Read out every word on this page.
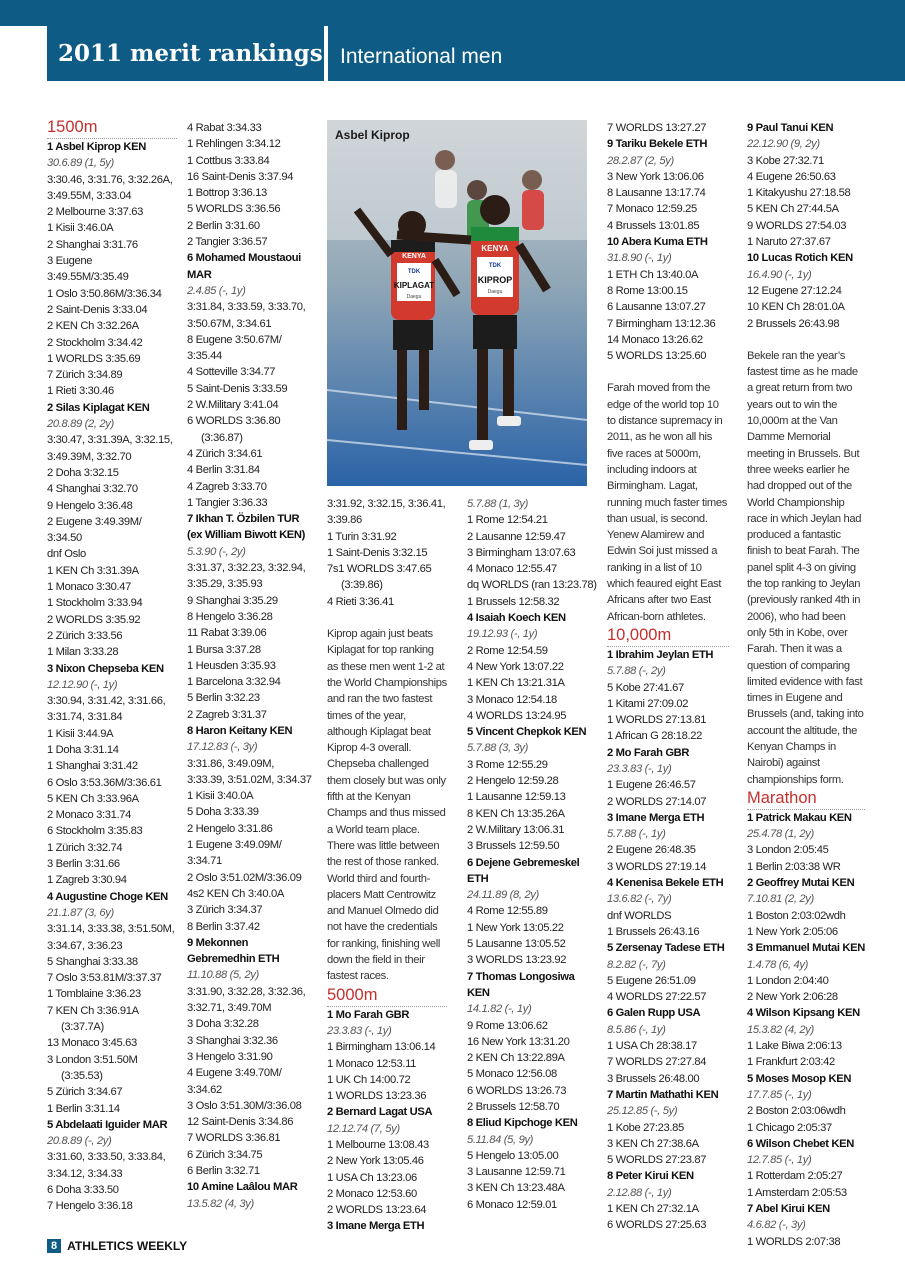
2011 merit rankings International men
1500m
1 Asbel Kiprop KEN
30.6.89 (1, 5y)
3:30.46, 3:31.76, 3:32.26A,
3:49.55M, 3:33.04
2 Melbourne 3:37.63
1 Kisii 3:46.0A
2 Shanghai 3:31.76
3 Eugene
3:49.55M/3:35.49
1 Oslo 3:50.86M/3:36.34
2 Saint-Denis 3:33.04
2 KEN Ch 3:32.26A
2 Stockholm 3:34.42
1 WORLDS 3:35.69
7 Zürich 3:34.89
1 Rieti 3:30.46
2 Silas Kiplagat KEN
20.8.89 (2, 2y)
3:30.47, 3:31.39A, 3:32.15,
3:49.39M, 3:32.70
2 Doha 3:32.15
4 Shanghai 3:32.70
9 Hengelo 3:36.48
2 Eugene 3:49.39M/
3:34.50
dnf Oslo
1 KEN Ch 3:31.39A
1 Monaco 3:30.47
1 Stockholm 3:33.94
2 WORLDS 3:35.92
2 Zürich 3:33.56
1 Milan 3:33.28
3 Nixon Chepseba KEN
12.12.90 (-, 1y)
3:30.94, 3:31.42, 3:31.66,
3:31.74, 3:31.84
1 Kisii 3:44.9A
1 Doha 3:31.14
1 Shanghai 3:31.42
6 Oslo 3:53.36M/3:36.61
5 KEN Ch 3:33.96A
2 Monaco 3:31.74
6 Stockholm 3:35.83
1 Zürich 3:32.74
3 Berlin 3:31.66
1 Zagreb 3:30.94
4 Augustine Choge KEN
21.1.87 (3, 6y)
3:31.14, 3:33.38, 3:51.50M,
3:34.67, 3:36.23
5 Shanghai 3:33.38
7 Oslo 3:53.81M/3:37.37
1 Tomblaine 3:36.23
7 KEN Ch 3:36.91A
(3:37.7A)
13 Monaco 3:45.63
3 London 3:51.50M
(3:35.53)
5 Zürich 3:34.67
1 Berlin 3:31.14
5 Abdelaati Iguider MAR
20.8.89 (-, 2y)
3:31.60, 3:33.50, 3:33.84,
3:34.12, 3:34.33
6 Doha 3:33.50
7 Hengelo 3:36.18
4 Rabat 3:34.33
1 Rehlingen 3:34.12
1 Cottbus 3:33.84
16 Saint-Denis 3:37.94
1 Bottrop 3:36.13
5 WORLDS 3:36.56
2 Berlin 3:31.60
2 Tangier 3:36.57
6 Mohamed Moustaoui
MAR
2.4.85 (-, 1y)
3:31.84, 3:33.59, 3:33.70,
3:50.67M, 3:34.61
8 Eugene 3:50.67M/
3:35.44
4 Sotteville 3:34.77
5 Saint-Denis 3:33.59
2 W.Military 3:41.04
6 WORLDS 3:36.80
(3:36.87)
4 Zürich 3:34.61
4 Berlin 3:31.84
4 Zagreb 3:33.70
1 Tangier 3:36.33
7 Ikhan T. Özbilen TUR
(ex William Biwott KEN)
5.3.90 (-, 2y)
3:31.37, 3:32.23, 3:32.94,
3:35.29, 3:35.93
9 Shanghai 3:35.29
8 Hengelo 3:36.28
11 Rabat 3:39.06
1 Bursa 3:37.28
1 Heusden 3:35.93
1 Barcelona 3:32.94
5 Berlin 3:32.23
2 Zagreb 3:31.37
8 Haron Keitany KEN
17.12.83 (-, 3y)
3:31.86, 3:49.09M,
3:33.39, 3:51.02M, 3:34.37
1 Kisii 3:40.0A
5 Doha 3:33.39
2 Hengelo 3:31.86
1 Eugene 3:49.09M/
3:34.71
2 Oslo 3:51.02M/3:36.09
4s2 KEN Ch 3:40.0A
3 Zürich 3:34.37
8 Berlin 3:37.42
9 Mekonnen
Gebremedhin ETH
11.10.88 (5, 2y)
3:31.90, 3:32.28, 3:32.36,
3:32.71, 3:49.70M
3 Doha 3:32.28
3 Shanghai 3:32.36
3 Hengelo 3:31.90
4 Eugene 3:49.70M/
3:34.62
3 Oslo 3:51.30M/3:36.08
12 Saint-Denis 3:34.86
7 WORLDS 3:36.81
6 Zürich 3:34.75
6 Berlin 3:32.71
10 Amine Laâlou MAR
13.5.82 (4, 3y)
3:31.92, 3:32.15, 3:36.41,
3:39.86
1 Turin 3:31.92
1 Saint-Denis 3:32.15
7s1 WORLDS 3:47.65
(3:39.86)
4 Rieti 3:36.41
Kiprop again just beats Kiplagat for top ranking as these men went 1-2 at the World Championships and ran the two fastest times of the year, although Kiplagat beat Kiprop 4-3 overall. Chepseba challenged them closely but was only fifth at the Kenyan Champs and thus missed a World team place. There was little between the rest of those ranked. World third and fourth-placers Matt Centrowitz and Manuel Olmedo did not have the credentials for ranking, finishing well down the field in their fastest races.
5000m
1 Mo Farah GBR
23.3.83 (-, 1y)
1 Birmingham 13:06.14
1 Monaco 12:53.11
1 UK Ch 14:00.72
1 WORLDS 13:23.36
2 Bernard Lagat USA
12.12.74 (7, 5y)
1 Melbourne 13:08.43
2 New York 13:05.46
1 USA Ch 13:23.06
2 Monaco 12:53.60
2 WORLDS 13:23.64
3 Imane Merga ETH
5.7.88 (1, 3y)
1 Rome 12:54.21
2 Lausanne 12:59.47
3 Birmingham 13:07.63
4 Monaco 12:55.47
dq WORLDS (ran 13:23.78)
1 Brussels 12:58.32
4 Isaiah Koech KEN
19.12.93 (-, 1y)
2 Rome 12:54.59
4 New York 13:07.22
1 KEN Ch 13:21.31A
3 Monaco 12:54.18
4 WORLDS 13:24.95
5 Vincent Chepkok KEN
5.7.88 (3, 3y)
3 Rome 12:55.29
2 Hengelo 12:59.28
1 Lausanne 12:59.13
8 KEN Ch 13:35.26A
2 W.Military 13:06.31
3 Brussels 12:59.50
6 Dejene Gebremeskel
ETH
24.11.89 (8, 2y)
4 Rome 12:55.89
1 New York 13:05.22
5 Lausanne 13:05.52
3 WORLDS 13:23.92
7 Thomas Longosiwa
KEN
14.1.82 (-, 1y)
9 Rome 13:06.62
16 New York 13:31.20
2 KEN Ch 13:22.89A
5 Monaco 12:56.08
6 WORLDS 13:26.73
2 Brussels 12:58.70
8 Eliud Kipchoge KEN
5.11.84 (5, 9y)
5 Hengelo 13:05.00
3 Lausanne 12:59.71
3 KEN Ch 13:23.48A
6 Monaco 12:59.01
7 WORLDS 13:27.27
9 Tariku Bekele ETH
28.2.87 (2, 5y)
3 New York 13:06.06
8 Lausanne 13:17.74
7 Monaco 12:59.25
4 Brussels 13:01.85
10 Abera Kuma ETH
31.8.90 (-, 1y)
1 ETH Ch 13:40.0A
8 Rome 13:00.15
6 Lausanne 13:07.27
7 Birmingham 13:12.36
14 Monaco 13:26.62
5 WORLDS 13:25.60
Farah moved from the edge of the world top 10 to distance supremacy in 2011, as he won all his five races at 5000m, including indoors at Birmingham. Lagat, running much faster times than usual, is second. Yenew Alamirew and Edwin Soi just missed a ranking in a list of 10 which feaured eight East Africans after two East African-born athletes.
10,000m
1 Ibrahim Jeylan ETH
5.7.88 (-, 2y)
5 Kobe 27:41.67
1 Kitami 27:09.02
1 WORLDS 27:13.81
1 African G 28:18.22
2 Mo Farah GBR
23.3.83 (-, 1y)
1 Eugene 26:46.57
2 WORLDS 27:14.07
3 Imane Merga ETH
5.7.88 (-, 1y)
2 Eugene 26:48.35
3 WORLDS 27:19.14
4 Kenenisa Bekele ETH
13.6.82 (-, 7y)
dnf WORLDS
1 Brussels 26:43.16
5 Zersenay Tadese ETH
8.2.82 (-, 7y)
5 Eugene 26:51.09
4 WORLDS 27:22.57
6 Galen Rupp USA
8.5.86 (-, 1y)
1 USA Ch 28:38.17
7 WORLDS 27:27.84
3 Brussels 26:48.00
7 Martin Mathathi KEN
25.12.85 (-, 5y)
1 Kobe 27:23.85
3 KEN Ch 27:38.6A
5 WORLDS 27:23.87
8 Peter Kirui KEN
2.12.88 (-, 1y)
1 KEN Ch 27:32.1A
6 WORLDS 27:25.63
9 Paul Tanui KEN
22.12.90 (9, 2y)
3 Kobe 27:32.71
4 Eugene 26:50.63
1 Kitakyushu 27:18.58
5 KEN Ch 27:44.5A
9 WORLDS 27:54.03
1 Naruto 27:37.67
10 Lucas Rotich KEN
16.4.90 (-, 1y)
12 Eugene 27:12.24
10 KEN Ch 28:01.0A
2 Brussels 26:43.98
Bekele ran the year’s fastest time as he made a great return from two years out to win the 10,000m at the Van Damme Memorial meeting in Brussels. But three weeks earlier he had dropped out of the World Championship race in which Jeylan had produced a fantastic finish to beat Farah. The panel split 4-3 on giving the top ranking to Jeylan (previously ranked 4th in 2006), who had been only 5th in Kobe, over Farah. Then it was a question of comparing limited evidence with fast times in Eugene and Brussels (and, taking into account the altitude, the Kenyan Champs in Nairobi) against championships form.
Marathon
1 Patrick Makau KEN
25.4.78 (1, 2y)
3 London 2:05:45
1 Berlin 2:03:38 WR
2 Geoffrey Mutai KEN
7.10.81 (2, 2y)
1 Boston 2:03:02wdh
1 New York 2:05:06
3 Emmanuel Mutai KEN
1.4.78 (6, 4y)
1 London 2:04:40
2 New York 2:06:28
4 Wilson Kipsang KEN
15.3.82 (4, 2y)
1 Lake Biwa 2:06:13
1 Frankfurt 2:03:42
5 Moses Mosop KEN
17.7.85 (-, 1y)
2 Boston 2:03:06wdh
1 Chicago 2:05:37
6 Wilson Chebet KEN
12.7.85 (-, 1y)
1 Rotterdam 2:05:27
1 Amsterdam 2:05:53
7 Abel Kirui KEN
4.6.82 (-, 3y)
1 WORLDS 2:07:38
TDK
KIPLAGAT
Daegu
KENYA
TDK
KIPROP
Daegu
KENYA
Asbel Kiprop
8 ATHLETICS WEEKLY
